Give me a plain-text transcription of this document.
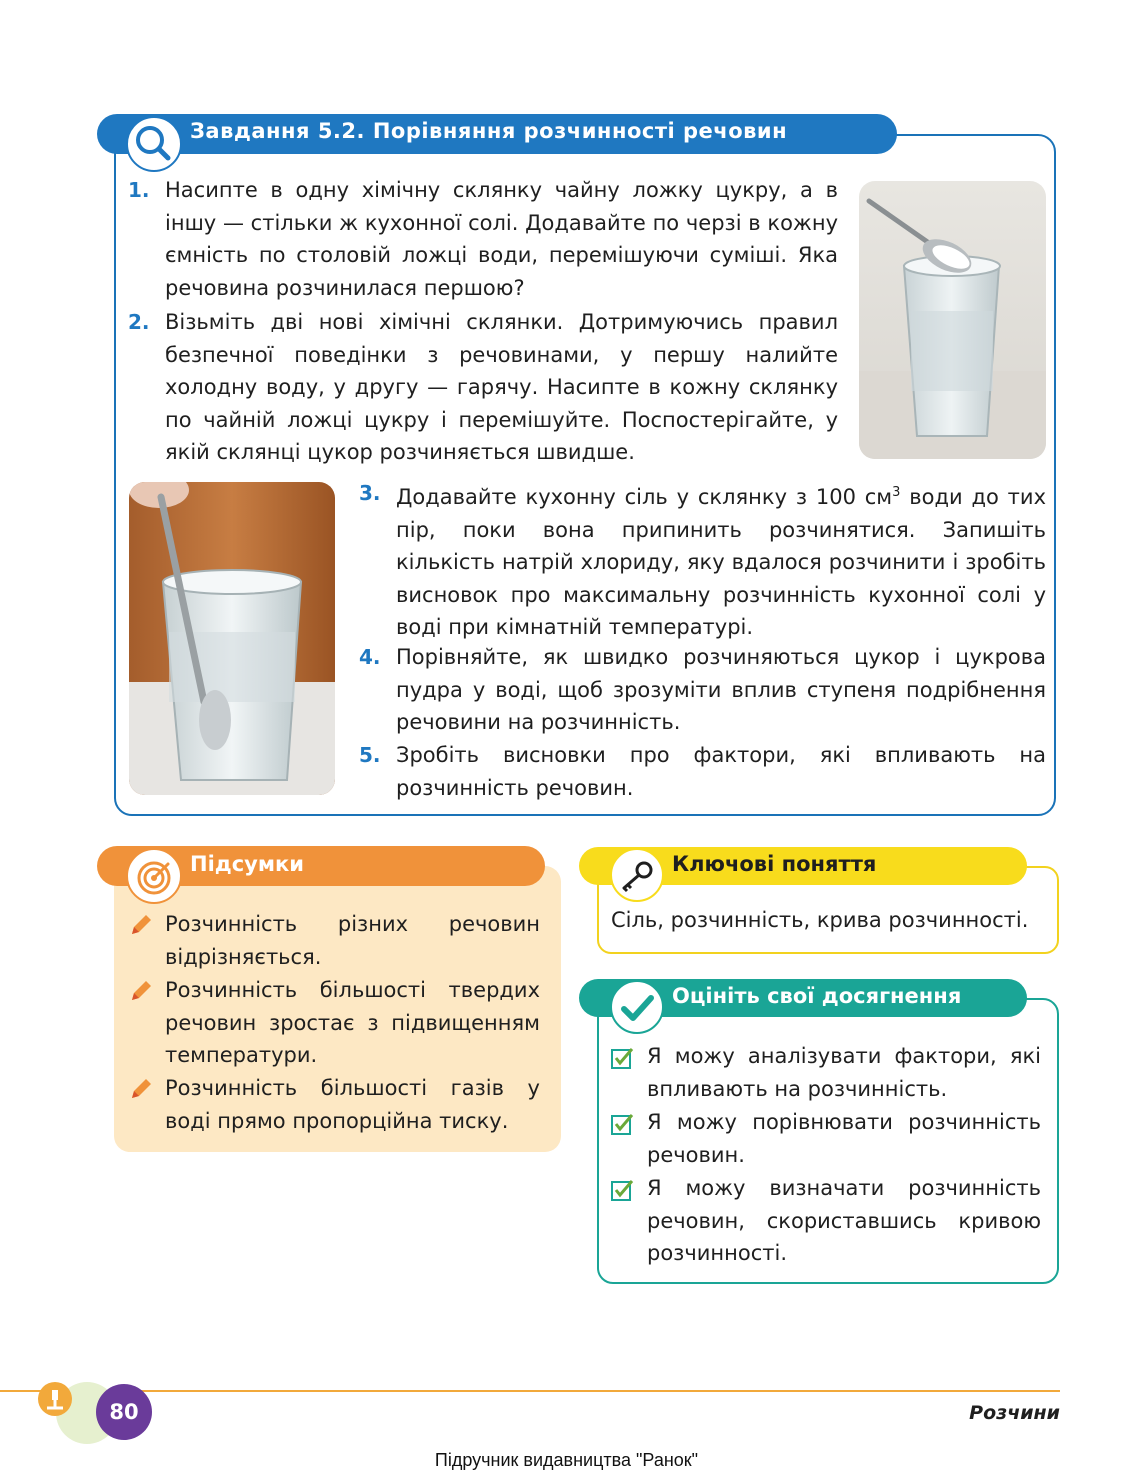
Завдання 5.2. Порівняння розчинності речовин
1. Насипте в одну хімічну склянку чайну ложку цукру, а в іншу — стільки ж кухонної солі. Додавайте по черзі в кожну ємність по столовій ложці води, перемішуючи суміші. Яка речовина розчинилася першою?
2. Візьміть дві нові хімічні склянки. Дотримуючись правил безпечної поведінки з речовинами, у першу налийте холодну воду, у другу — гарячу. Насипте в кожну склянку по чайній ложці цукру і перемішуйте. Поспостерігайте, у якій склянці цукор розчиняється швидше.
3. Додавайте кухонну сіль у склянку з 100 $см^3$ води до тих пір, поки вона припинить розчинятися. Запишіть кількість натрій хлориду, яку вдалося розчинити і зробіть висновок про максимальну розчинність кухонної солі у воді при кімнатній температурі.
4. Порівняйте, як швидко розчиняються цукор і цукрова пудра у воді, щоб зрозуміти вплив ступеня подрібнення речовини на розчинність.
5. Зробіть висновки про фактори, які впливають на розчинність речовин.
Підсумки
Розчинність різних речовин відрізняється.
Розчинність більшості твердих речовин зростає з підвищенням температури.
Розчинність більшості газів у воді прямо пропорційна тиску.
Ключові поняття
Сіль, розчинність, крива розчинності.
Оцініть свої досягнення
Я можу аналізувати фактори, які впливають на розчинність.
Я можу порівнювати розчинність речовин.
Я можу визначати розчинність речовин, скориставшись кривою розчинності.
80	Розчини
Підручник видавництва "Ранок"
